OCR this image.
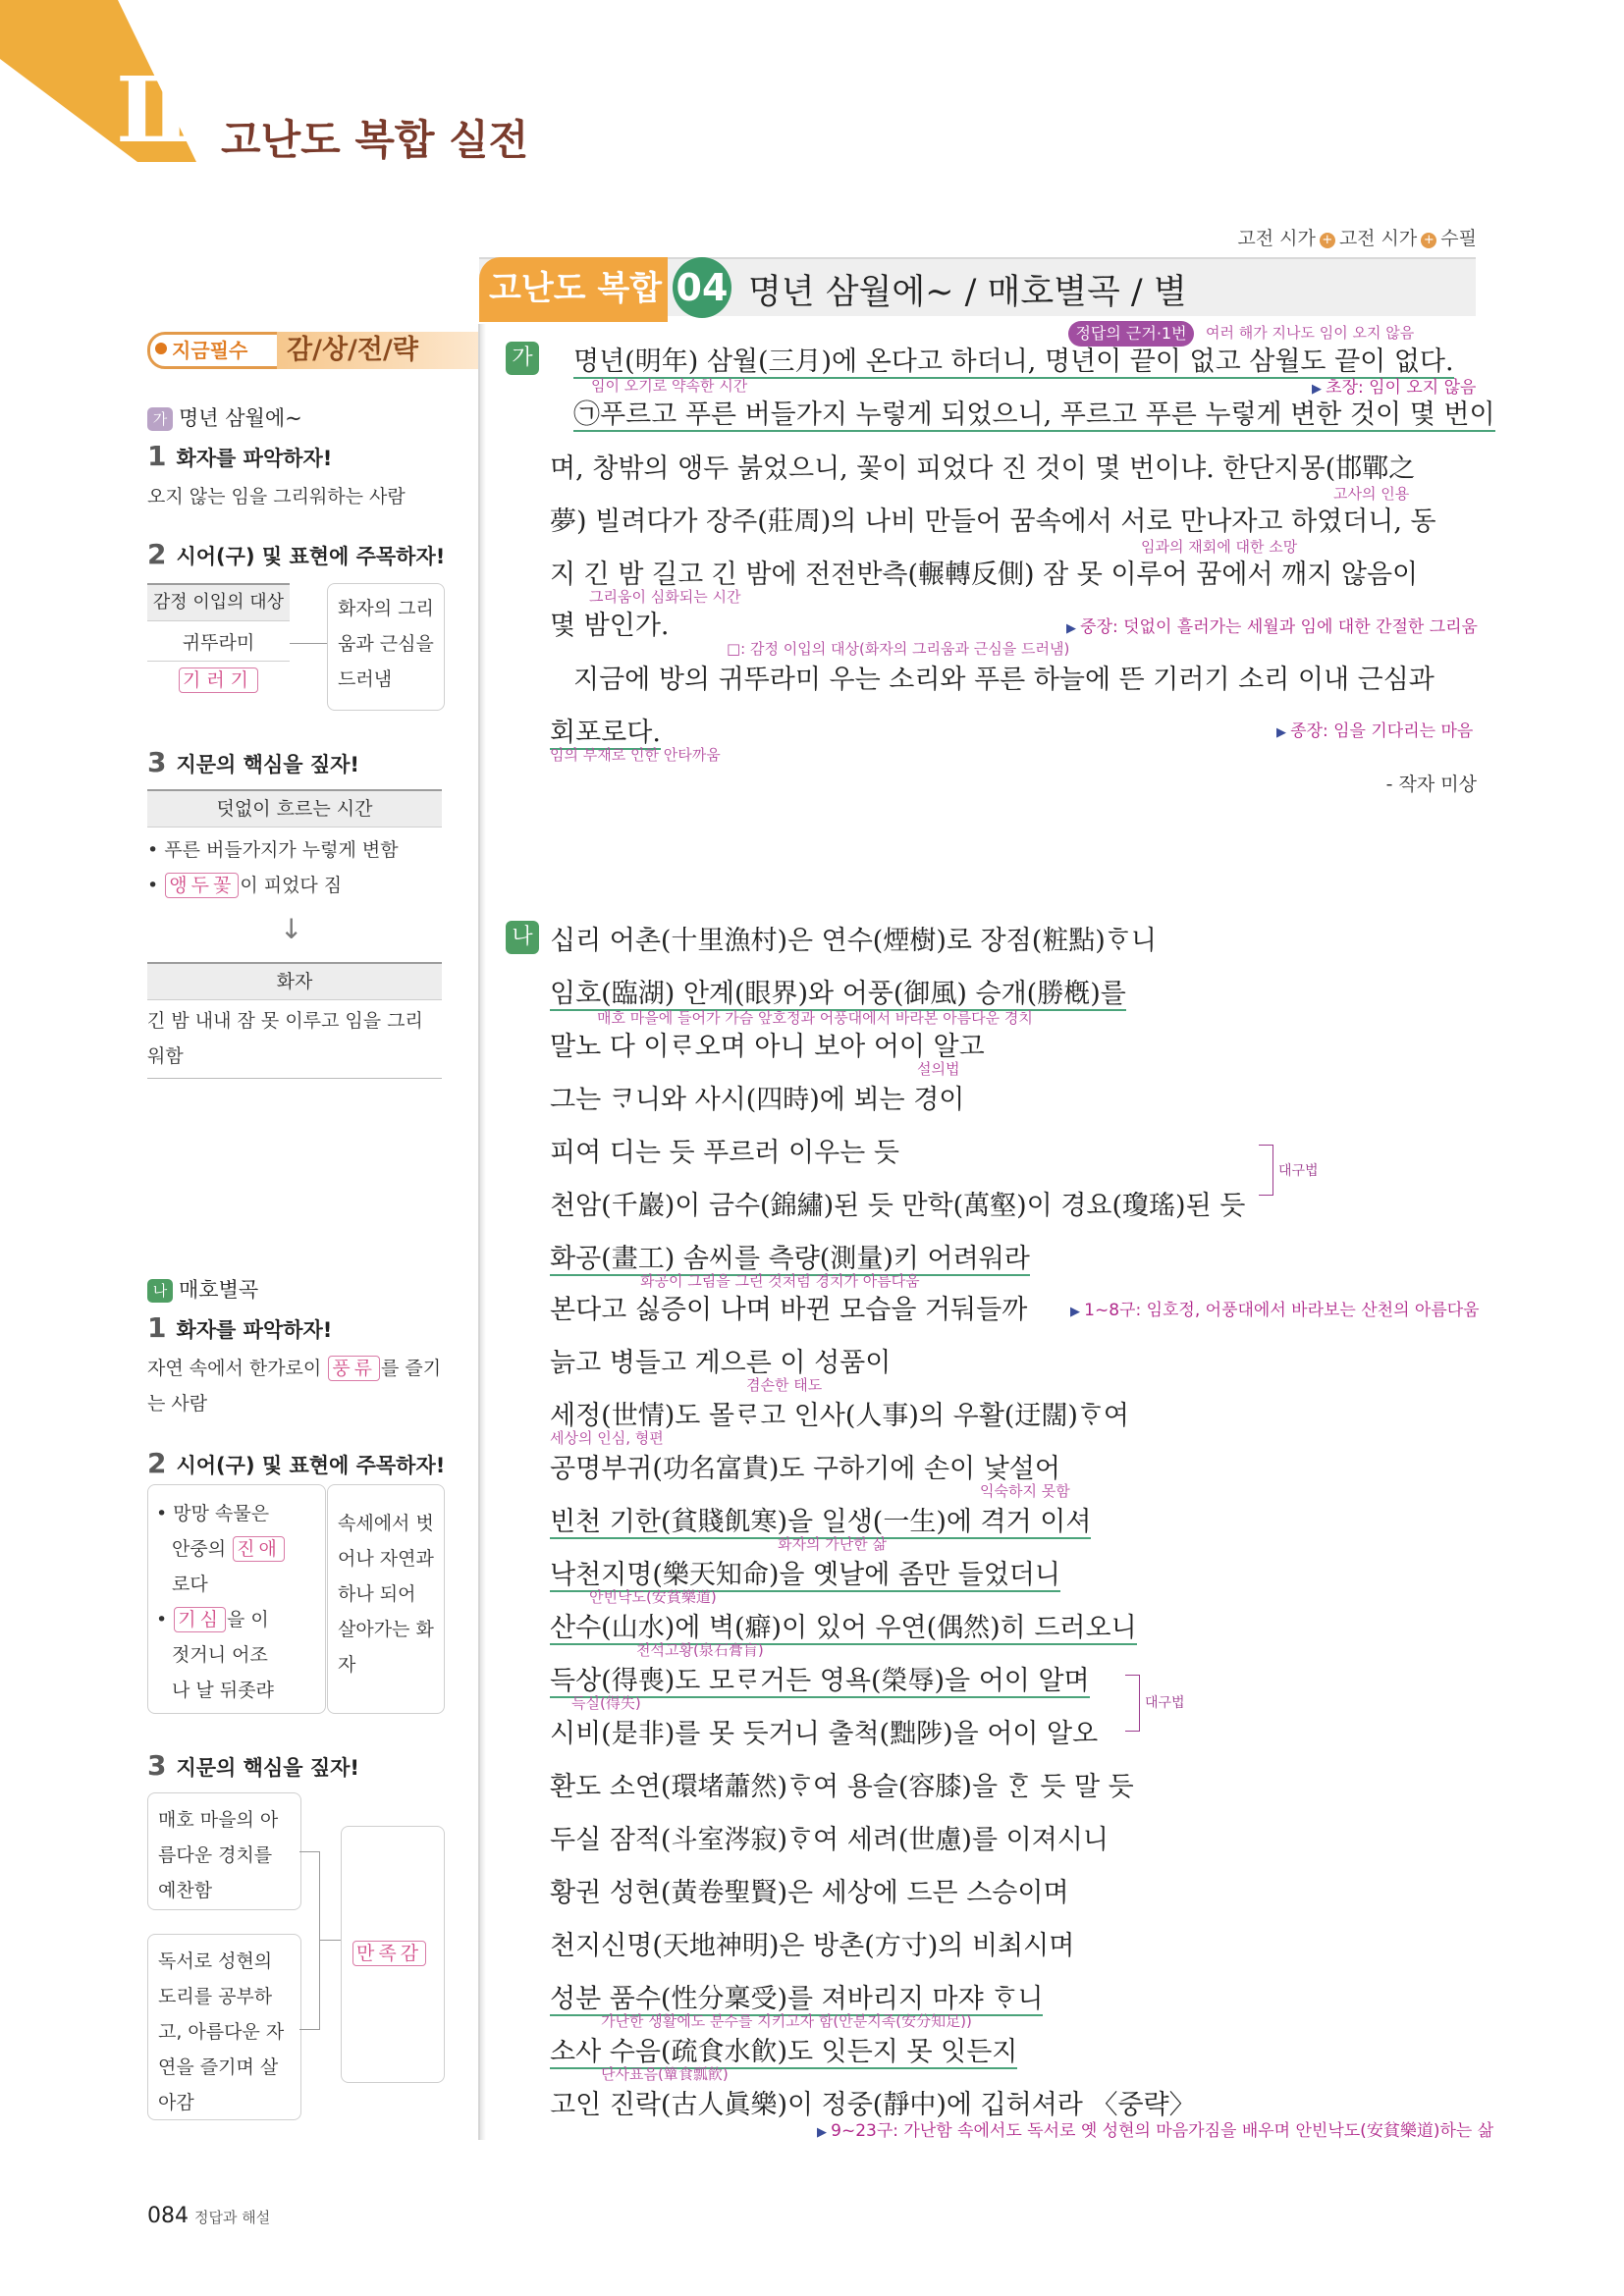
Ⅲ 고난도 복합 실전
고전 시가 + 고전 시가 + 수필
고난도 복합 04 명년 삼월에~ / 매호별곡 / 별
지금필수	감/상/전/략
가 명년 삼월에~
1 화자를 파악하자!
오지 않는 임을 그리워하는 사람
2 시어(구) 및 표현에 주목하자!
감정 이입의 대상
귀뚜라미
기러기
화자의 그리
움과 근심을
드러냄
3 지문의 핵심을 짚자!
덧없이 흐르는 시간
• 푸른 버들가지가 누렇게 변함
• 앵두꽃 이 피었다 짐
↓
화자
긴 밤 내내 잠 못 이루고 임을 그리
워함
나 매호별곡
1 화자를 파악하자!
자연 속에서 한가로이 풍류 를 즐기
는 사람
2 시어(구) 및 표현에 주목하자!
• 망망 속물은
안중의 진애
로다
• 기심 을 이
젓거니 어조
나 날 뒤좃랴
속세에서 벗
어나 자연과
하나 되어
살아가는 화
자
3 지문의 핵심을 짚자!
매호 마을의 아
름다운 경치를
예찬함
독서로 성현의
도리를 공부하
고, 아름다운 자
연을 즐기며 살
아감
만족감
정답의 근거·1번	여러 해가 지나도 임이 오지 않음
가 명년(明年) 삼월(三月)에 온다고 하더니, 명년이 끝이 없고 삼월도 끝이 없다.
임이 오기로 약속한 시간	▶ 초장: 임이 오지 않음
㉠푸르고 푸른 버들가지 누렇게 되었으니, 푸르고 푸른 누렇게 변한 것이 몇 번이
며, 창밖의 앵두 붉었으니, 꽃이 피었다 진 것이 몇 번이냐. 한단지몽(邯鄲之
고사의 인용
夢) 빌려다가 장주(莊周)의 나비 만들어 꿈속에서 서로 만나자고 하였더니, 동
임과의 재회에 대한 소망
지 긴 밤 길고 긴 밤에 전전반측(輾轉反側) 잠 못 이루어 꿈에서 깨지 않음이
그리움이 심화되는 시간
몇 밤인가.	▶ 중장: 덧없이 흘러가는 세월과 임에 대한 간절한 그리움
□: 감정 이입의 대상(화자의 그리움과 근심을 드러냄)
지금에 방의 귀뚜라미 우는 소리와 푸른 하늘에 뜬 기러기 소리 이내 근심과
회포로다.	▶ 종장: 임을 기다리는 마음
임의 부재로 인한 안타까움
- 작자 미상
나 십리 어촌(十里漁村)은 연수(煙樹)로 장점(粧點)ᄒᆞ니
임호(臨湖) 안계(眼界)와 어풍(御風) 승개(勝槪)를
매호 마을에 들어가 가슴 앞호정과 어풍대에서 바라본 아름다운 경치
말노 다 이ᄅᆞ오며 아니 보아 어이 알고
설의법
그는 ᄏᆞ니와 사시(四時)에 뵈는 경이
피여 디는 듯 푸르러 이우는 듯
천암(千巖)이 금수(錦繡)된 듯 만학(萬壑)이 경요(瓊瑤)된 듯
대구법
화공(畫工) 솜씨를 측량(測量)키 어려워라
화공이 그림을 그린 것처럼 경치가 아름다움
본다고 싫증이 나며 바뀐 모습을 거둬들까	▶ 1~8구: 임호정, 어풍대에서 바라보는 산천의 아름다움
늙고 병들고 게으른 이 성품이
겸손한 태도
세정(世情)도 몰ᄅᆞ고 인사(人事)의 우활(迂闊)ᄒᆞ여
세상의 인심, 형편
공명부귀(功名富貴)도 구하기에 손이 낯설어
익숙하지 못함
빈천 기한(貧賤飢寒)을 일생(一生)에 격거 이셔
화자의 가난한 삶
낙천지명(樂天知命)을 옛날에 좀만 들었더니
안빈낙도(安貧樂道)
산수(山水)에 벽(癖)이 있어 우연(偶然)히 드러오니
천석고황(泉石膏肓)
득상(得喪)도 모ᄅᆞ거든 영욕(榮辱)을 어이 알며
득실(得失)
시비(是非)를 못 듯거니 출척(黜陟)을 어이 알오
대구법
환도 소연(環堵蕭然)ᄒᆞ여 용슬(容膝)을 ᄒᆞᆫ 듯 말 듯
두실 잠적(斗室涔寂)ᄒᆞ여 세려(世慮)를 이져시니
황권 성현(黃卷聖賢)은 세상에 드믄 스승이며
천지신명(天地神明)은 방촌(方寸)의 비최시며
성분 품수(性分稟受)를 져바리지 마쟈 ᄒᆞ니
가난한 생활에도 분수를 지키고자 함(안분지족(安分知足))
소사 수음(疏食水飮)도 잇든지 못 잇든지
단사표음(簞食瓢飮)
고인 진락(古人眞樂)이 정중(靜中)에 깁허셔라 〈중략〉
▶ 9~23구: 가난함 속에서도 독서로 옛 성현의 마음가짐을 배우며 안빈낙도(安貧樂道)하는 삶
084 정답과 해설
